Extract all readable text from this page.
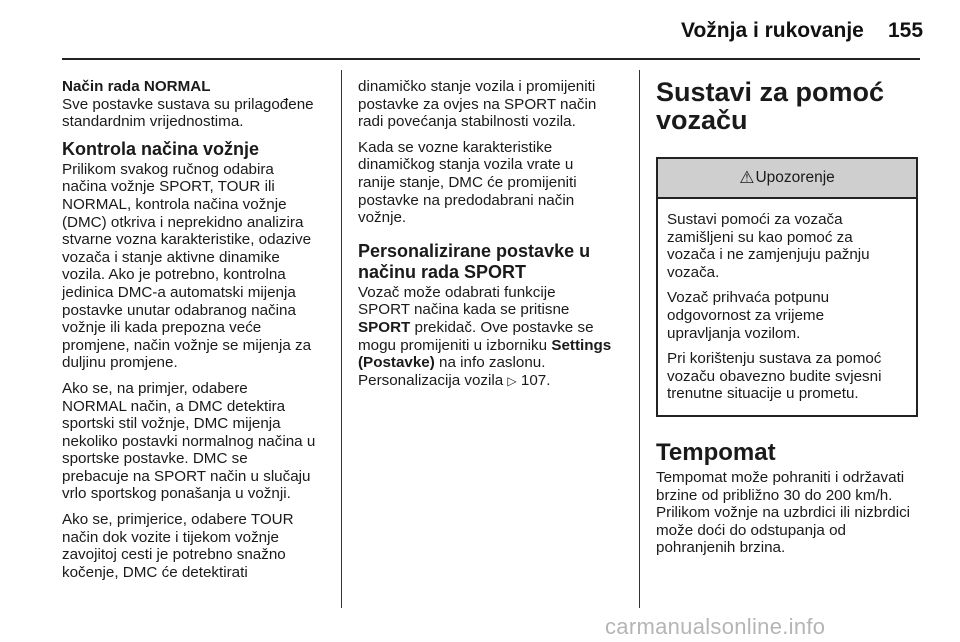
Vožnja i rukovanje 155
Način rada NORMAL
Sve postavke sustava su prilagođene
standardnim vrijednostima.
Kontrola načina vožnje
Prilikom svakog ručnog odabira
načina vožnje SPORT, TOUR ili
NORMAL, kontrola načina vožnje
(DMC) otkriva i neprekidno analizira
stvarne vozna karakteristike, odazive
vozača i stanje aktivne dinamike
vozila. Ako je potrebno, kontrolna
jedinica DMC-a automatski mijenja
postavke unutar odabranog načina
vožnje ili kada prepozna veće
promjene, način vožnje se mijenja za
duljinu promjene.
Ako se, na primjer, odabere
NORMAL način, a DMC detektira
sportski stil vožnje, DMC mijenja
nekoliko postavki normalnog načina u
sportske postavke. DMC se
prebacuje na SPORT način u slučaju
vrlo sportskog ponašanja u vožnji.
Ako se, primjerice, odabere TOUR
način dok vozite i tijekom vožnje
zavojitoj cesti je potrebno snažno
kočenje, DMC će detektirati
dinamičko stanje vozila i promijeniti
postavke za ovjes na SPORT način
radi povećanja stabilnosti vozila.
Kada se vozne karakteristike
dinamičkog stanja vozila vrate u
ranije stanje, DMC će promijeniti
postavke na predodabrani način
vožnje.
Personalizirane postavke u
načinu rada SPORT
Vozač može odabrati funkcije
SPORT načina kada se pritisne
SPORT prekidač. Ove postavke se
mogu promijeniti u izborniku Settings
(Postavke) na info zaslonu.
Personalizacija vozila ▷ 107.
Sustavi za pomoć
vozaču
⚠ Upozorenje
Sustavi pomoći za vozača
zamišljeni su kao pomoć za
vozača i ne zamjenjuju pažnju
vozača.
Vozač prihvaća potpunu
odgovornost za vrijeme
upravljanja vozilom.
Pri korištenju sustava za pomoć
vozaču obavezno budite svjesni
trenutne situacije u prometu.
Tempomat
Tempomat može pohraniti i održavati
brzine od približno 30 do 200 km/h.
Prilikom vožnje na uzbrdici ili nizbrdici
može doći do odstupanja od
pohranjenih brzina.
carmanualsonline.info
